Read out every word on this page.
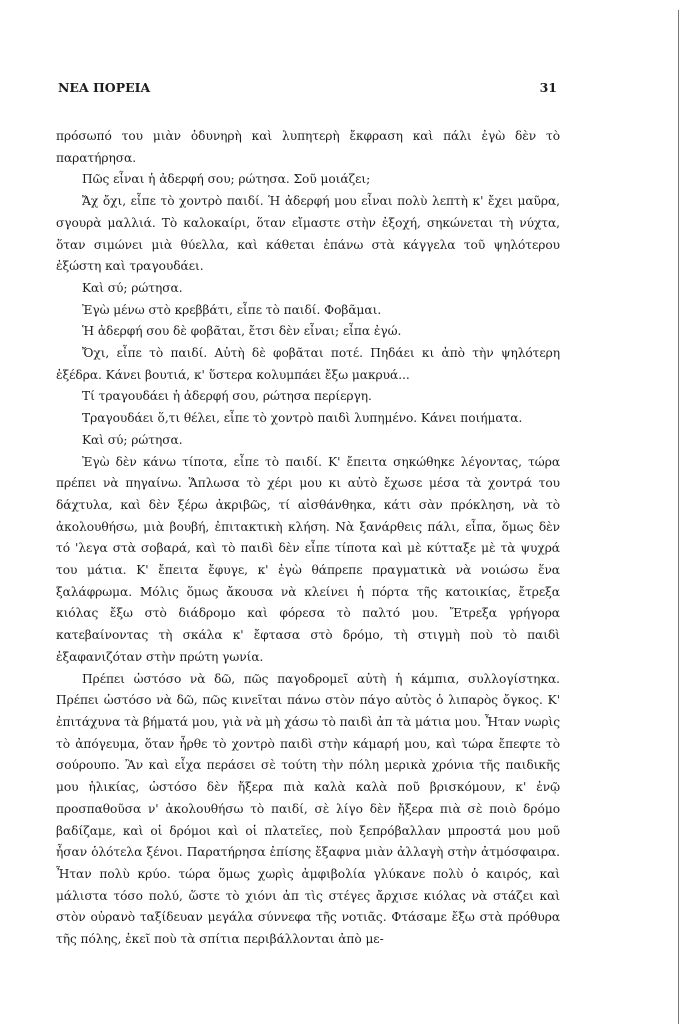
ΝΕΑ ΠΟΡΕΙΑ	31

πρόσωπό του μιὰν ὀδυνηρὴ καὶ λυπητερὴ ἔκφραση καὶ πάλι ἐγὼ δὲν τὸ παρατήρησα.

Πῶς εἶναι ἡ ἀδερφή σου; ρώτησα. Σοῦ μοιάζει;

Ἄχ ὄχι, εἶπε τὸ χοντρὸ παιδί. Ἡ ἀδερφή μου εἶναι πολὺ λεπτὴ κ' ἔχει μαῦρα, σγουρὰ μαλλιά. Τὸ καλοκαίρι, ὅταν εἴμαστε στὴν ἐξοχή, σηκώνεται τὴ νύχτα, ὅταν σιμώνει μιὰ θύελλα, καὶ κάθεται ἐπάνω στὰ κάγγελα τοῦ ψηλότερου ἐξώστη καὶ τραγουδάει.

Καὶ σύ; ρώτησα.

Ἐγὼ μένω στὸ κρεββάτι, εἶπε τὸ παιδί. Φοβᾶμαι.

Ἡ ἀδερφή σου δὲ φοβᾶται, ἔτσι δὲν εἶναι; εἶπα ἐγώ.

Ὄχι, εἶπε τὸ παιδί. Αὐτὴ δὲ φοβᾶται ποτέ. Πηδάει κι ἀπὸ τὴν ψηλότερη ἐξέδρα. Κάνει βουτιά, κ' ὕστερα κολυμπάει ἔξω μακρυά...

Τί τραγουδάει ἡ ἀδερφή σου, ρώτησα περίεργη.

Τραγουδάει ὅ,τι θέλει, εἶπε τὸ χοντρὸ παιδὶ λυπημένο. Κάνει ποιήματα.

Καὶ σύ; ρώτησα.

Ἐγὼ δὲν κάνω τίποτα, εἶπε τὸ παιδί. Κ' ἔπειτα σηκώθηκε λέγοντας, τώρα πρέπει νὰ πηγαίνω. Ἅπλωσα τὸ χέρι μου κι αὐτὸ ἔχωσε μέσα τὰ χοντρά του δάχτυλα, καὶ δὲν ξέρω ἀκριβῶς, τί αἰσθάνθηκα, κάτι σὰν πρόκληση, νὰ τὸ ἀκολουθήσω, μιὰ βουβή, ἐπιτακτικὴ κλήση. Νὰ ξανάρθεις πάλι, εἶπα, ὅμως δὲν τό 'λεγα στὰ σοβαρά, καὶ τὸ παιδὶ δὲν εἶπε τίποτα καὶ μὲ κύτταξε μὲ τὰ ψυχρά του μάτια. Κ' ἔπειτα ἔφυγε, κ' ἐγὼ θάπρεπε πραγματικὰ νὰ νοιώσω ἕνα ξαλάφρωμα. Μόλις ὅμως ἄκουσα νὰ κλείνει ἡ πόρτα τῆς κατοικίας, ἔτρεξα κιόλας ἔξω στὸ διάδρομο καὶ φόρεσα τὸ παλτό μου. Ἔτρεξα γρήγορα κατεβαίνοντας τὴ σκάλα κ' ἔφτασα στὸ δρόμο, τὴ στιγμὴ ποὺ τὸ παιδὶ ἐξαφανιζόταν στὴν πρώτη γωνία.

Πρέπει ὡστόσο νὰ δῶ, πῶς παγοδρομεῖ αὐτὴ ἡ κάμπια, συλλογίστηκα. Πρέπει ὡστόσο νὰ δῶ, πῶς κινεῖται πάνω στὸν πάγο αὐτὸς ὁ λιπαρὸς ὄγκος. Κ' ἐπιτάχυνα τὰ βήματά μου, γιὰ νὰ μὴ χάσω τὸ παιδὶ ἀπ τὰ μάτια μου. Ἦταν νωρὶς τὸ ἀπόγευμα, ὅταν ἦρθε τὸ χοντρὸ παιδὶ στὴν κάμαρή μου, καὶ τώρα ἔπεφτε τὸ σούρουπο. Ἂν καὶ εἶχα περάσει σὲ τούτη τὴν πόλη μερικὰ χρόνια τῆς παιδικῆς μου ἡλικίας, ὡστόσο δὲν ἤξερα πιὰ καλὰ καλὰ ποῦ βρισκόμουν, κ' ἐνῷ προσπαθοῦσα ν' ἀκολουθήσω τὸ παιδί, σὲ λίγο δὲν ἤξερα πιὰ σὲ ποιὸ δρόμο βαδίζαμε, καὶ οἱ δρόμοι καὶ οἱ πλατεῖες, ποὺ ξεπρόβαλλαν μπροστά μου μοῦ ἦσαν ὁλότελα ξένοι. Παρατήρησα ἐπίσης ἔξαφνα μιὰν ἀλλαγὴ στὴν ἀτμόσφαιρα. Ἦταν πολὺ κρύο. τώρα ὅμως χωρὶς ἀμφιβολία γλύκανε πολὺ ὁ καιρός, καὶ μάλιστα τόσο πολύ, ὥστε τὸ χιόνι ἀπ τὶς στέγες ἄρχισε κιόλας νὰ στάζει καὶ στὸν οὐρανὸ ταξίδευαν μεγάλα σύννεφα τῆς νοτιᾶς. Φτάσαμε ἔξω στὰ πρόθυρα τῆς πόλης, ἐκεῖ ποὺ τὰ σπίτια περιβάλλονται ἀπὸ με-
